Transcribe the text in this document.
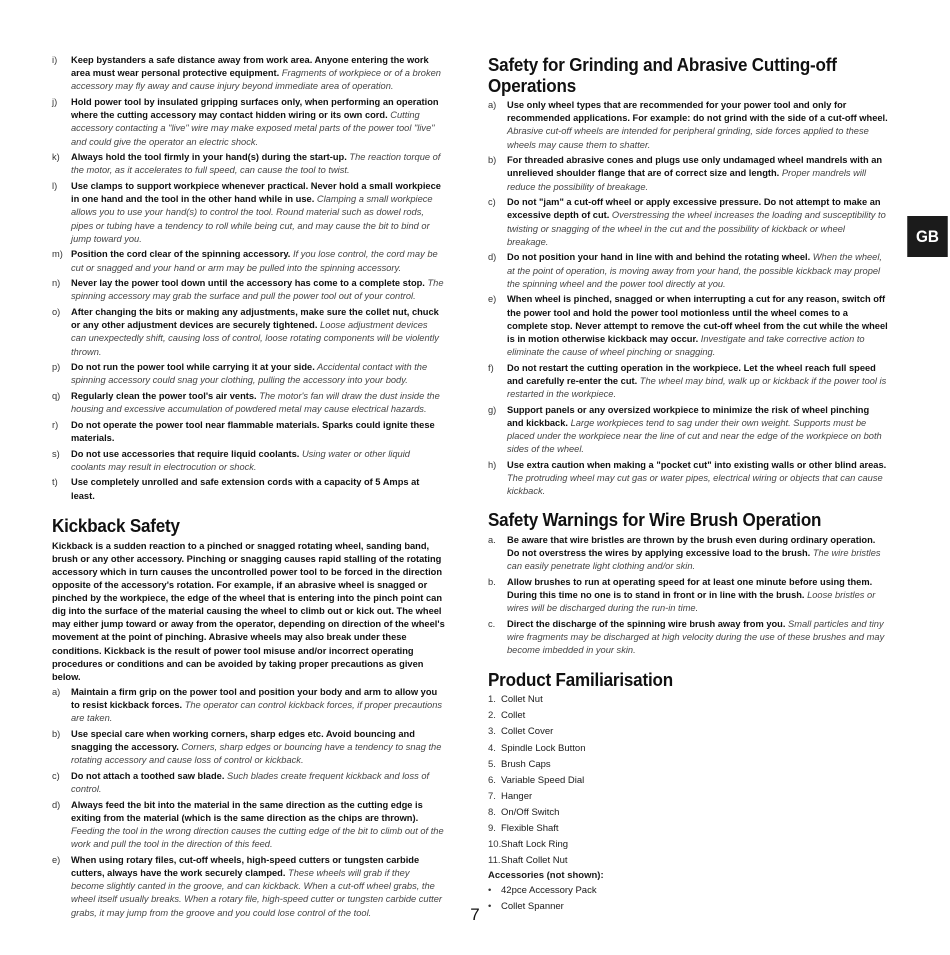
i) Keep bystanders a safe distance away from work area. Anyone entering the work area must wear personal protective equipment. Fragments of workpiece or of a broken accessory may fly away and cause injury beyond immediate area of operation.
j) Hold power tool by insulated gripping surfaces only, when performing an operation where the cutting accessory may contact hidden wiring or its own cord. Cutting accessory contacting a "live" wire may make exposed metal parts of the power tool "live" and could give the operator an electric shock.
k) Always hold the tool firmly in your hand(s) during the start-up. The reaction torque of the motor, as it accelerates to full speed, can cause the tool to twist.
l) Use clamps to support workpiece whenever practical. Never hold a small workpiece in one hand and the tool in the other hand while in use. Clamping a small workpiece allows you to use your hand(s) to control the tool. Round material such as dowel rods, pipes or tubing have a tendency to roll while being cut, and may cause the bit to bind or jump toward you.
m) Position the cord clear of the spinning accessory. If you lose control, the cord may be cut or snagged and your hand or arm may be pulled into the spinning accessory.
n) Never lay the power tool down until the accessory has come to a complete stop. The spinning accessory may grab the surface and pull the power tool out of your control.
o) After changing the bits or making any adjustments, make sure the collet nut, chuck or any other adjustment devices are securely tightened. Loose adjustment devices can unexpectedly shift, causing loss of control, loose rotating components will be violently thrown.
p) Do not run the power tool while carrying it at your side. Accidental contact with the spinning accessory could snag your clothing, pulling the accessory into your body.
q) Regularly clean the power tool's air vents. The motor's fan will draw the dust inside the housing and excessive accumulation of powdered metal may cause electrical hazards.
r) Do not operate the power tool near flammable materials. Sparks could ignite these materials.
s) Do not use accessories that require liquid coolants. Using water or other liquid coolants may result in electrocution or shock.
t) Use completely unrolled and safe extension cords with a capacity of 5 Amps at least.
Kickback Safety

Kickback is a sudden reaction to a pinched or snagged rotating wheel, sanding band, brush or any other accessory. Pinching or snagging causes rapid stalling of the rotating accessory which in turn causes the uncontrolled power tool to be forced in the direction opposite of the accessory's rotation. For example, if an abrasive wheel is snagged or pinched by the workpiece, the edge of the wheel that is entering into the pinch point can dig into the surface of the material causing the wheel to climb out or kick out. The wheel may either jump toward or away from the operator, depending on direction of the wheel's movement at the point of pinching. Abrasive wheels may also break under these conditions. Kickback is the result of power tool misuse and/or incorrect operating procedures or conditions and can be avoided by taking proper precautions as given below.

a) Maintain a firm grip on the power tool and position your body and arm to allow you to resist kickback forces. The operator can control kickback forces, if proper precautions are taken.
b) Use special care when working corners, sharp edges etc. Avoid bouncing and snagging the accessory. Corners, sharp edges or bouncing have a tendency to snag the rotating accessory and cause loss of control or kickback.
c) Do not attach a toothed saw blade. Such blades create frequent kickback and loss of control.
d) Always feed the bit into the material in the same direction as the cutting edge is exiting from the material (which is the same direction as the chips are thrown). Feeding the tool in the wrong direction causes the cutting edge of the bit to climb out of the work and pull the tool in the direction of this feed.
e) When using rotary files, cut-off wheels, high-speed cutters or tungsten carbide cutters, always have the work securely clamped. These wheels will grab if they become slightly canted in the groove, and can kickback. When a cut-off wheel grabs, the wheel itself usually breaks. When a rotary file, high-speed cutter or tungsten carbide cutter grabs, it may jump from the groove and you could lose control of the tool.
Safety for Grinding and Abrasive Cutting-off Operations
a) Use only wheel types that are recommended for your power tool and only for recommended applications. For example: do not grind with the side of a cut-off wheel. Abrasive cut-off wheels are intended for peripheral grinding, side forces applied to these wheels may cause them to shatter.
b) For threaded abrasive cones and plugs use only undamaged wheel mandrels with an unrelieved shoulder flange that are of correct size and length. Proper mandrels will reduce the possibility of breakage.
c) Do not "jam" a cut-off wheel or apply excessive pressure. Do not attempt to make an excessive depth of cut. Overstressing the wheel increases the loading and susceptibility to twisting or snagging of the wheel in the cut and the possibility of kickback or wheel breakage.
d) Do not position your hand in line with and behind the rotating wheel. When the wheel, at the point of operation, is moving away from your hand, the possible kickback may propel the spinning wheel and the power tool directly at you.
e) When wheel is pinched, snagged or when interrupting a cut for any reason, switch off the power tool and hold the power tool motionless until the wheel comes to a complete stop. Never attempt to remove the cut-off wheel from the cut while the wheel is in motion otherwise kickback may occur. Investigate and take corrective action to eliminate the cause of wheel pinching or snagging.
f) Do not restart the cutting operation in the workpiece. Let the wheel reach full speed and carefully re-enter the cut. The wheel may bind, walk up or kickback if the power tool is restarted in the workpiece.
g) Support panels or any oversized workpiece to minimize the risk of wheel pinching and kickback. Large workpieces tend to sag under their own weight. Supports must be placed under the workpiece near the line of cut and near the edge of the workpiece on both sides of the wheel.
h) Use extra caution when making a "pocket cut" into existing walls or other blind areas. The protruding wheel may cut gas or water pipes, electrical wiring or objects that can cause kickback.
Safety Warnings for Wire Brush Operation
a. Be aware that wire bristles are thrown by the brush even during ordinary operation. Do not overstress the wires by applying excessive load to the brush. The wire bristles can easily penetrate light clothing and/or skin.
b. Allow brushes to run at operating speed for at least one minute before using them. During this time no one is to stand in front or in line with the brush. Loose bristles or wires will be discharged during the run-in time.
c. Direct the discharge of the spinning wire brush away from you. Small particles and tiny wire fragments may be discharged at high velocity during the use of these brushes and may become imbedded in your skin.
Product Familiarisation
1. Collet Nut
2. Collet
3. Collet Cover
4. Spindle Lock Button
5. Brush Caps
6. Variable Speed Dial
7. Hanger
8. On/Off Switch
9. Flexible Shaft
10. Shaft Lock Ring
11. Shaft Collet Nut
Accessories (not shown):
• 42pce Accessory Pack
• Collet Spanner
GB
7
